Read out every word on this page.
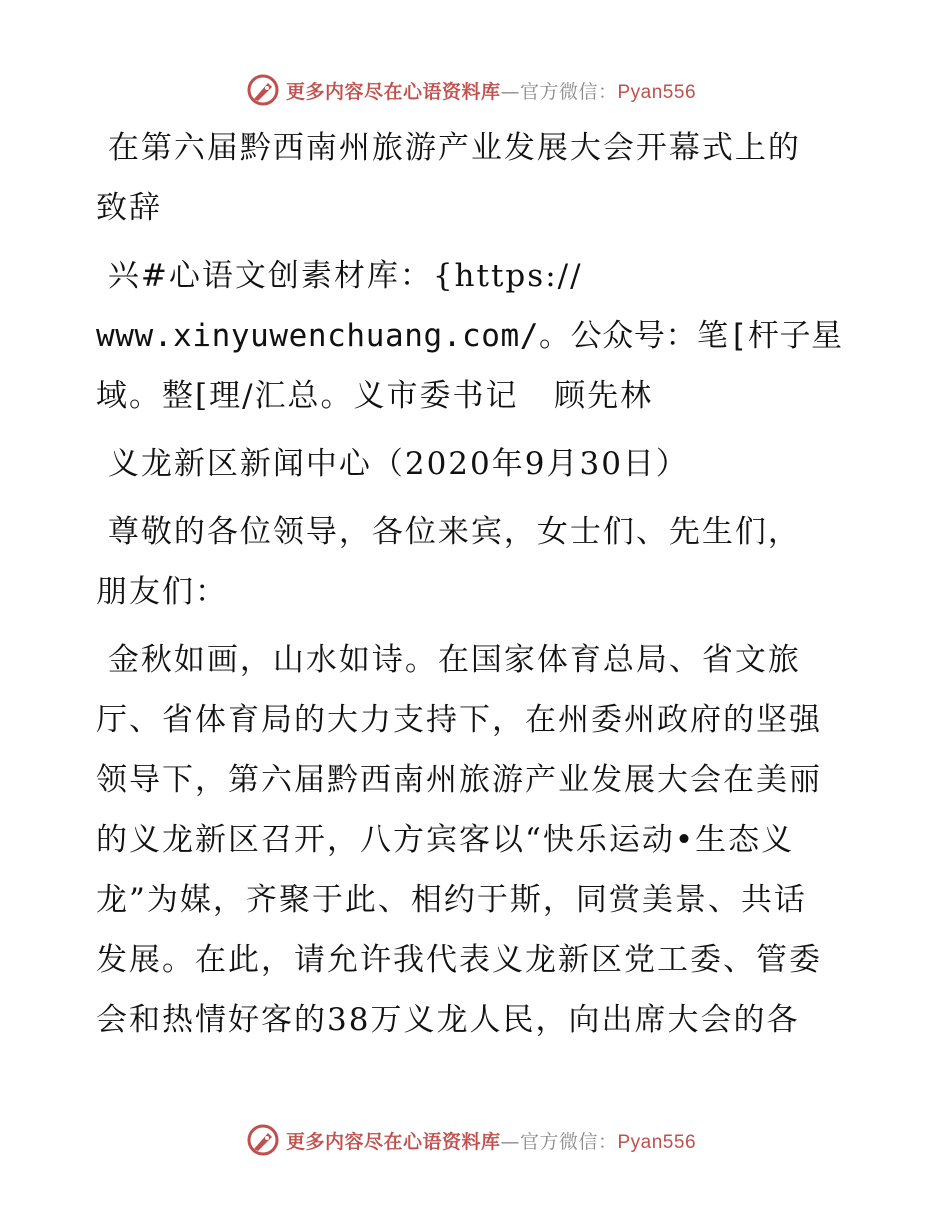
更多内容尽在心语资料库—官方微信：Pyan556
在第六届黔西南州旅游产业发展大会开幕式上的
致辞
兴#心语文创素材库：{https://
www.xinyuwenchuang.com/。公众号：笔[杆子星
域。整[理/汇总。义市委书记   顾先林
义龙新区新闻中心（2020年9月30日）
尊敬的各位领导，各位来宾，女士们、先生们，
朋友们：
金秋如画，山水如诗。在国家体育总局、省文旅
厅、省体育局的大力支持下，在州委州政府的坚强
领导下，第六届黔西南州旅游产业发展大会在美丽
的义龙新区召开，八方宾客以“快乐运动•生态义
龙”为媒，齐聚于此、相约于斯，同赏美景、共话
发展。在此，请允许我代表义龙新区党工委、管委
会和热情好客的38万义龙人民，向出席大会的各
更多内容尽在心语资料库—官方微信：Pyan556
